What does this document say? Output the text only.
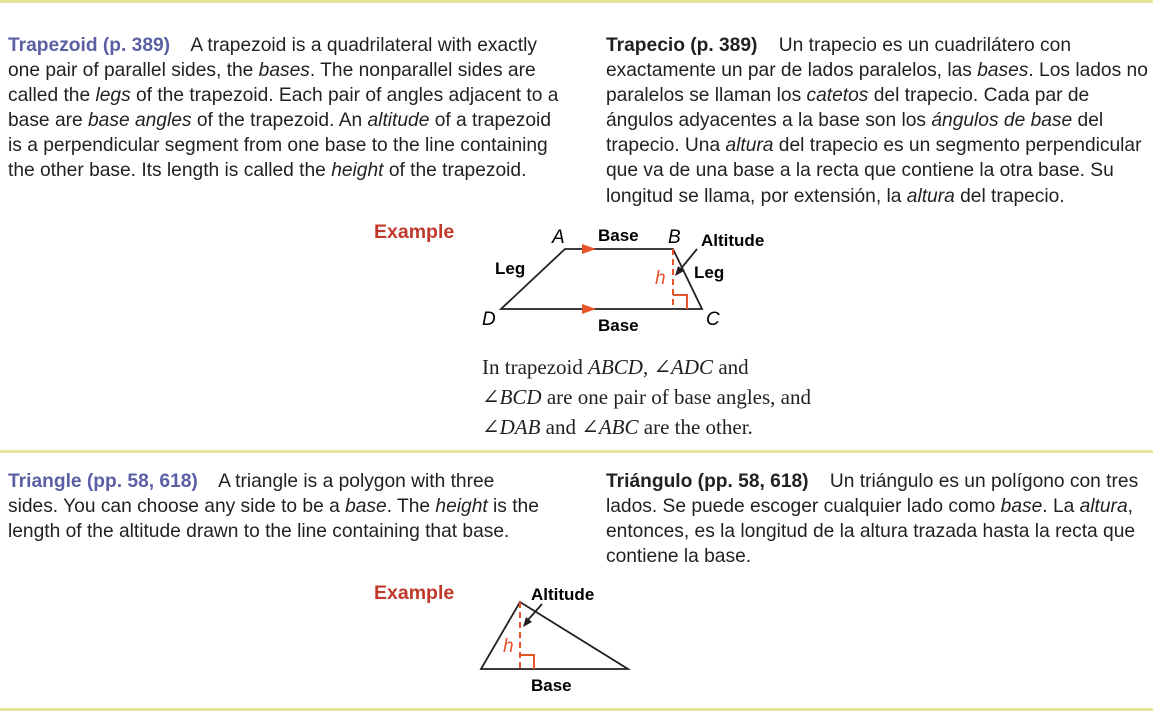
Trapezoid (p. 389) A trapezoid is a quadrilateral with exactly one pair of parallel sides, the bases. The nonparallel sides are called the legs of the trapezoid. Each pair of angles adjacent to a base are base angles of the trapezoid. An altitude of a trapezoid is a perpendicular segment from one base to the line containing the other base. Its length is called the height of the trapezoid.
Trapecio (p. 389) Un trapecio es un cuadrilátero con exactamente un par de lados paralelos, las bases. Los lados no paralelos se llaman los catetos del trapecio. Cada par de ángulos adyacentes a la base son los ángulos de base del trapecio. Una altura del trapecio es un segmento perpendicular que va de una base a la recta que contiene la otra base. Su longitud se llama, por extensión, la altura del trapecio.
Example	A	B
C
D
Base
Base
Leg	Leg
Altitude
h
In trapezoid ABCD, ∠ADC and
∠BCD are one pair of base angles, and
∠DAB and ∠ABC are the other.
Triangle (pp. 58, 618) A triangle is a polygon with three sides. You can choose any side to be a base. The height is the length of the altitude drawn to the line containing that base.
Triángulo (pp. 58, 618) Un triángulo es un polígono con tres lados. Se puede escoger cualquier lado como base. La altura, entonces, es la longitud de la altura trazada hasta la recta que contiene la base.
Example	Altitude
h
Base
